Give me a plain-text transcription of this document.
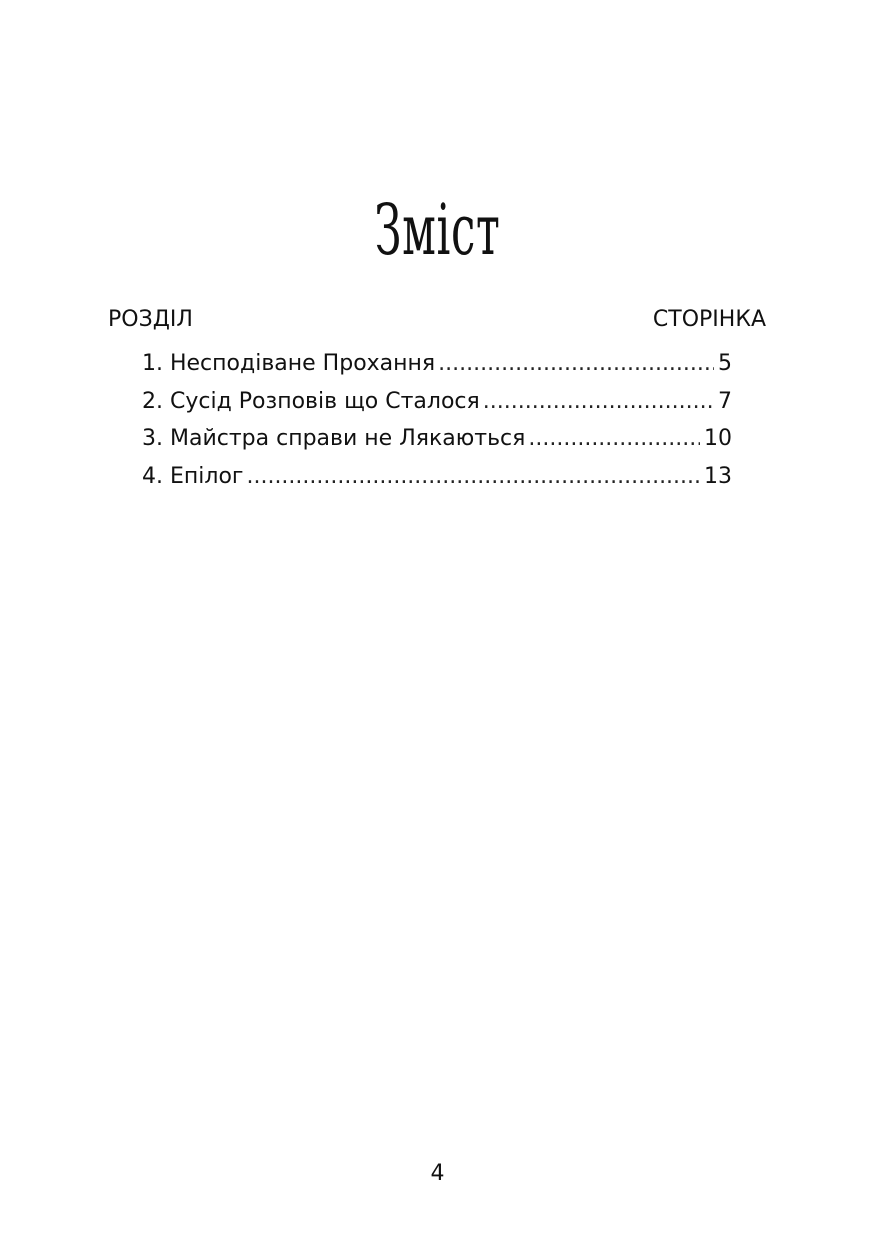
Зміст
РОЗДІЛ	СТОРІНКА
1. Несподіване Прохання .....	5
2. Сусід Розповів що Сталося .....	7
3. Майстра справи не Лякаються .....	10
4. Епілог .....	13
4
